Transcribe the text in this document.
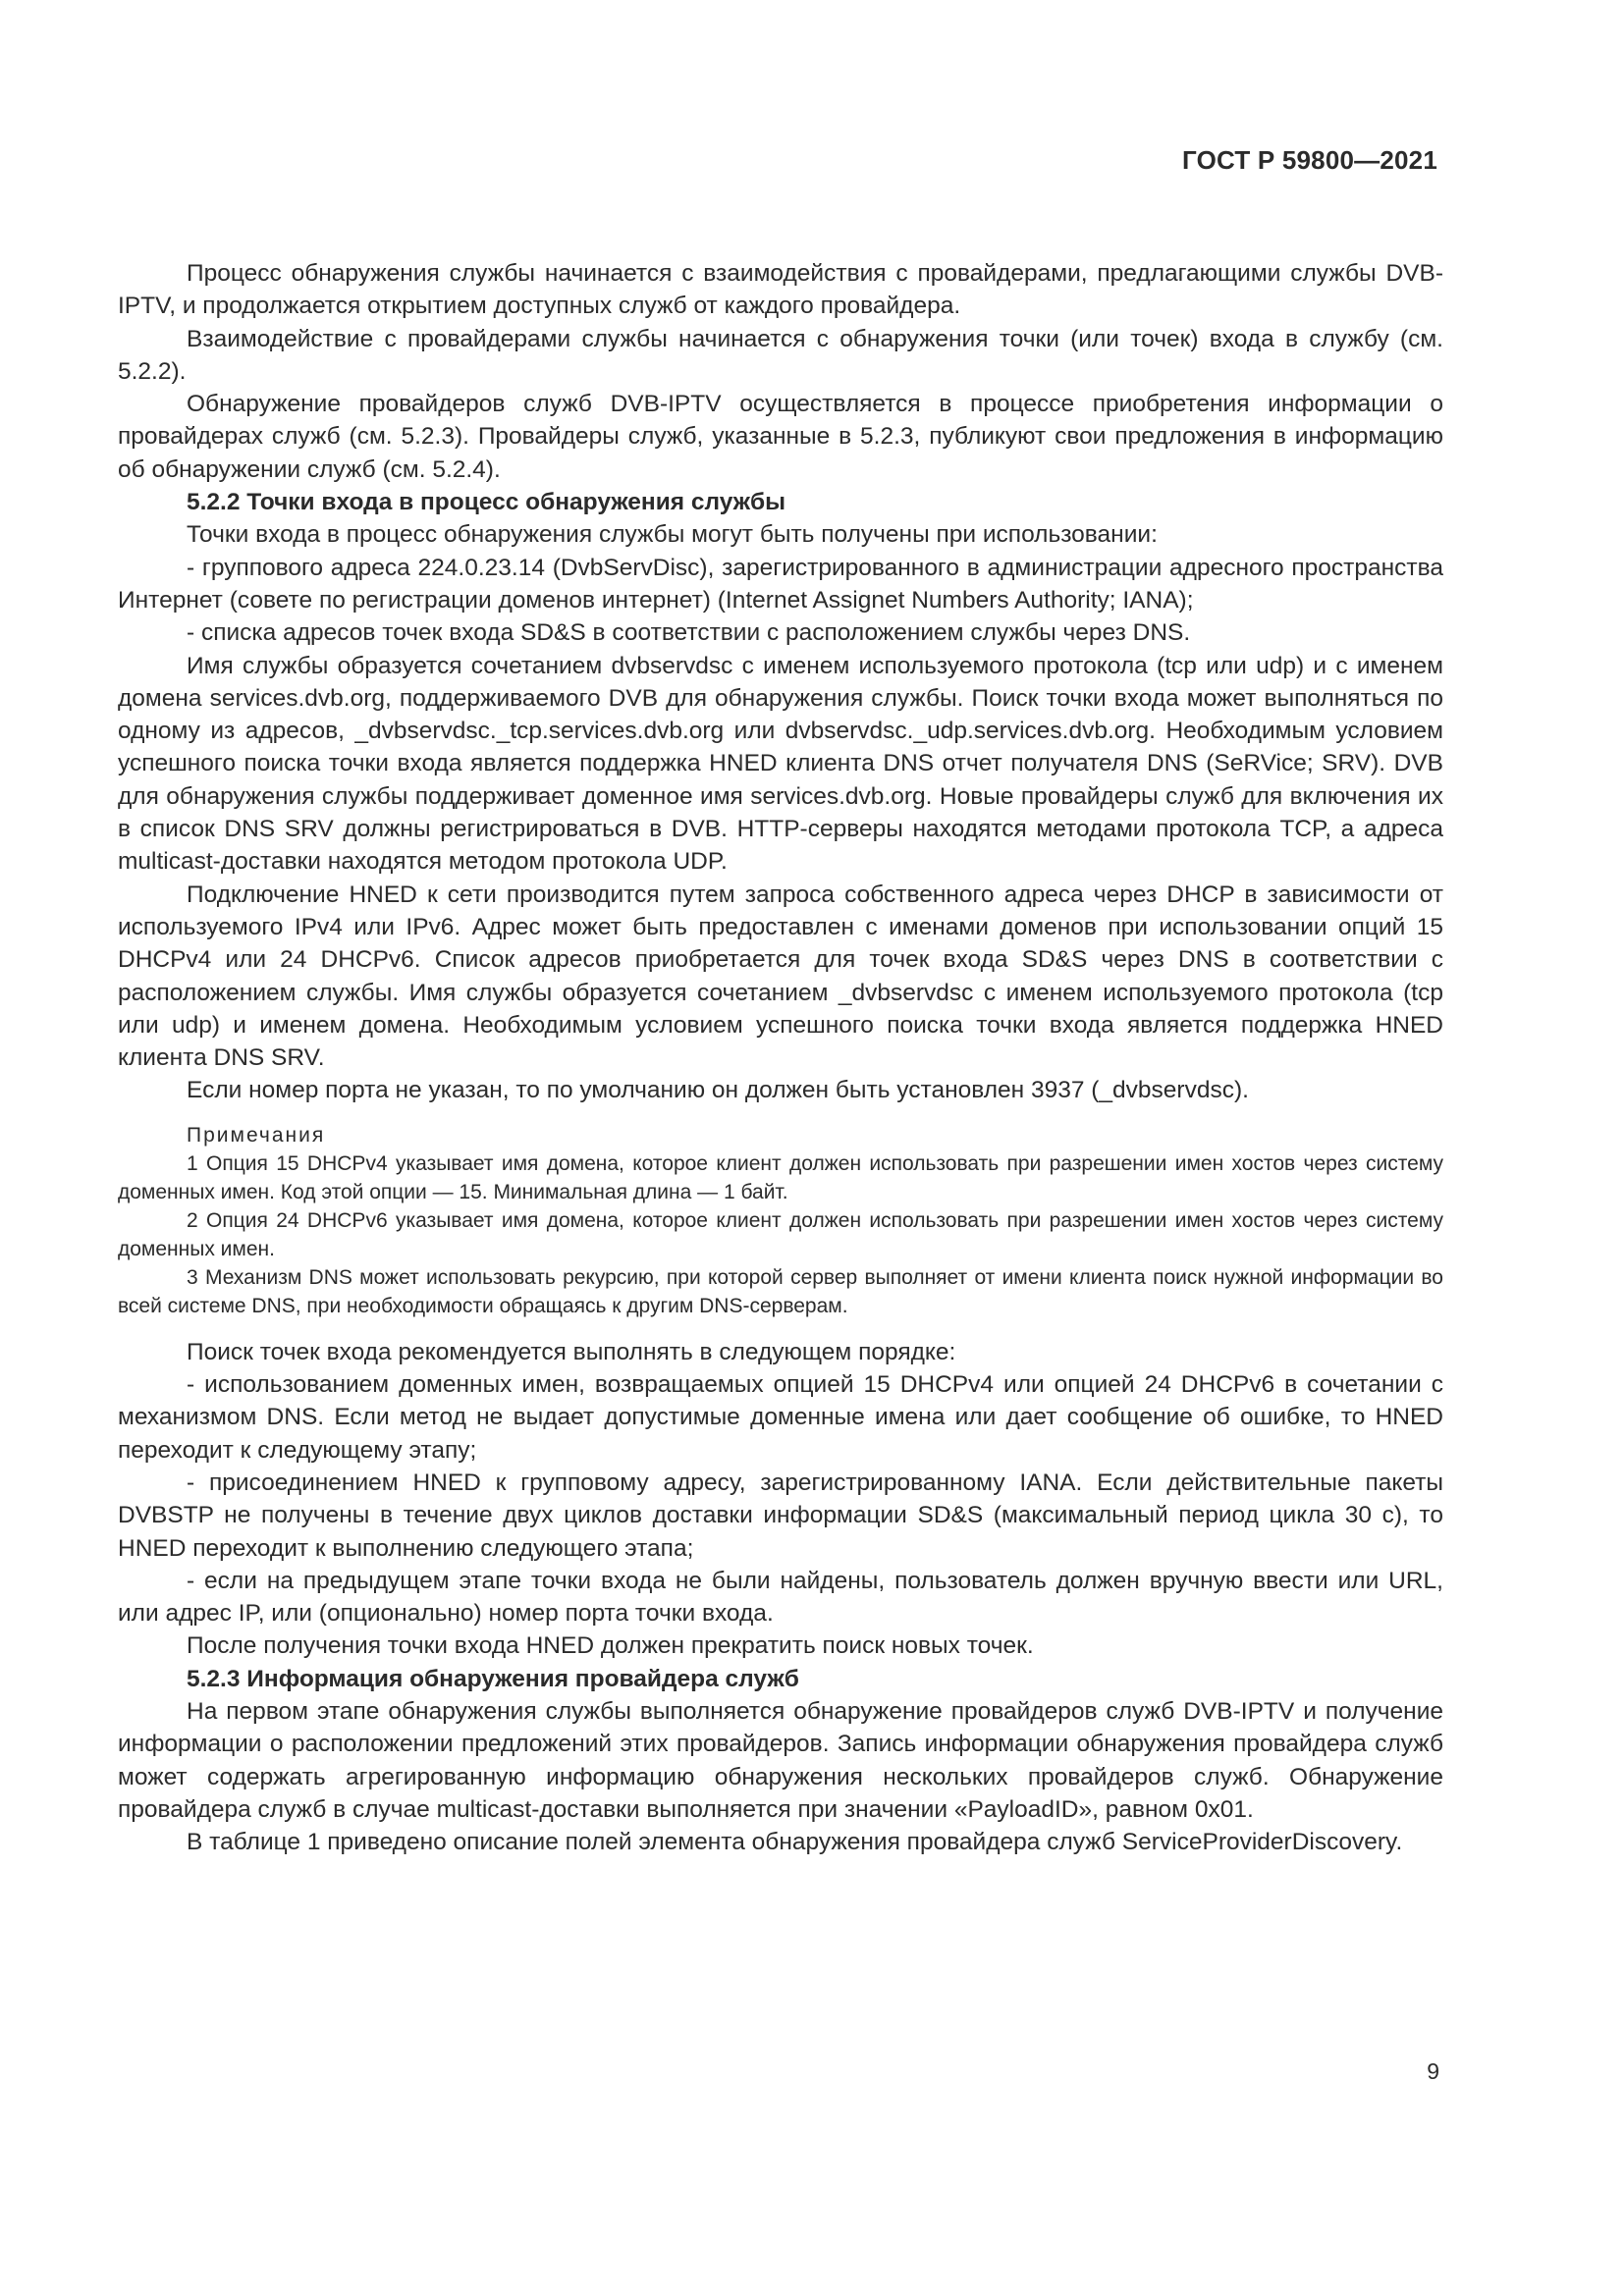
ГОСТ Р 59800—2021

Процесс обнаружения службы начинается с взаимодействия с провайдерами, предлагающими службы DVB-IPTV, и продолжается открытием доступных служб от каждого провайдера.

Взаимодействие с провайдерами службы начинается с обнаружения точки (или точек) входа в службу (см. 5.2.2).

Обнаружение провайдеров служб DVB-IPTV осуществляется в процессе приобретения информации о провайдерах служб (см. 5.2.3). Провайдеры служб, указанные в 5.2.3, публикуют свои предложения в информацию об обнаружении служб (см. 5.2.4).

5.2.2 Точки входа в процесс обнаружения службы

Точки входа в процесс обнаружения службы могут быть получены при использовании:

- группового адреса 224.0.23.14 (DvbServDisc), зарегистрированного в администрации адресного пространства Интернет (совете по регистрации доменов интернет) (Internet Assignet Numbers Authority; IANA);

- списка адресов точек входа SD&S в соответствии с расположением службы через DNS.

Имя службы образуется сочетанием dvbservdsc с именем используемого протокола (tcp или udp) и с именем домена services.dvb.org, поддерживаемого DVB для обнаружения службы. Поиск точки входа может выполняться по одному из адресов, _dvbservdsc._tcp.services.dvb.org или dvbservdsc._udp.services.dvb.org. Необходимым условием успешного поиска точки входа является поддержка HNED клиента DNS отчет получателя DNS (SeRVice; SRV). DVB для обнаружения службы поддерживает доменное имя services.dvb.org. Новые провайдеры служб для включения их в список DNS SRV должны регистрироваться в DVB. HTTP-серверы находятся методами протокола TCP, а адреса multicast-доставки находятся методом протокола UDP.

Подключение HNED к сети производится путем запроса собственного адреса через DHCP в зависимости от используемого IPv4 или IPv6. Адрес может быть предоставлен с именами доменов при использовании опций 15 DHCPv4 или 24 DHCPv6. Список адресов приобретается для точек входа SD&S через DNS в соответствии с расположением службы. Имя службы образуется сочетанием _dvbservdsc с именем используемого протокола (tcp или udp) и именем домена. Необходимым условием успешного поиска точки входа является поддержка HNED клиента DNS SRV.

Если номер порта не указан, то по умолчанию он должен быть установлен 3937 (_dvbservdsc).

Примечания

1 Опция 15 DHCPv4 указывает имя домена, которое клиент должен использовать при разрешении имен хостов через систему доменных имен. Код этой опции — 15. Минимальная длина — 1 байт.

2 Опция 24 DHCPv6 указывает имя домена, которое клиент должен использовать при разрешении имен хостов через систему доменных имен.

3 Механизм DNS может использовать рекурсию, при которой сервер выполняет от имени клиента поиск нужной информации во всей системе DNS, при необходимости обращаясь к другим DNS-серверам.

Поиск точек входа рекомендуется выполнять в следующем порядке:

- использованием доменных имен, возвращаемых опцией 15 DHCPv4 или опцией 24 DHCPv6 в сочетании с механизмом DNS. Если метод не выдает допустимые доменные имена или дает сообщение об ошибке, то HNED переходит к следующему этапу;

- присоединением HNED к групповому адресу, зарегистрированному IANA. Если действительные пакеты DVBSTP не получены в течение двух циклов доставки информации SD&S (максимальный период цикла 30 с), то HNED переходит к выполнению следующего этапа;

- если на предыдущем этапе точки входа не были найдены, пользователь должен вручную ввести или URL, или адрес IP, или (опционально) номер порта точки входа.

После получения точки входа HNED должен прекратить поиск новых точек.

5.2.3 Информация обнаружения провайдера служб

На первом этапе обнаружения службы выполняется обнаружение провайдеров служб DVB-IPTV и получение информации о расположении предложений этих провайдеров. Запись информации обнаружения провайдера служб может содержать агрегированную информацию обнаружения нескольких провайдеров служб. Обнаружение провайдера служб в случае multicast-доставки выполняется при значении «PayloadID», равном 0x01.

В таблице 1 приведено описание полей элемента обнаружения провайдера служб ServiceProviderDiscovery.

9
